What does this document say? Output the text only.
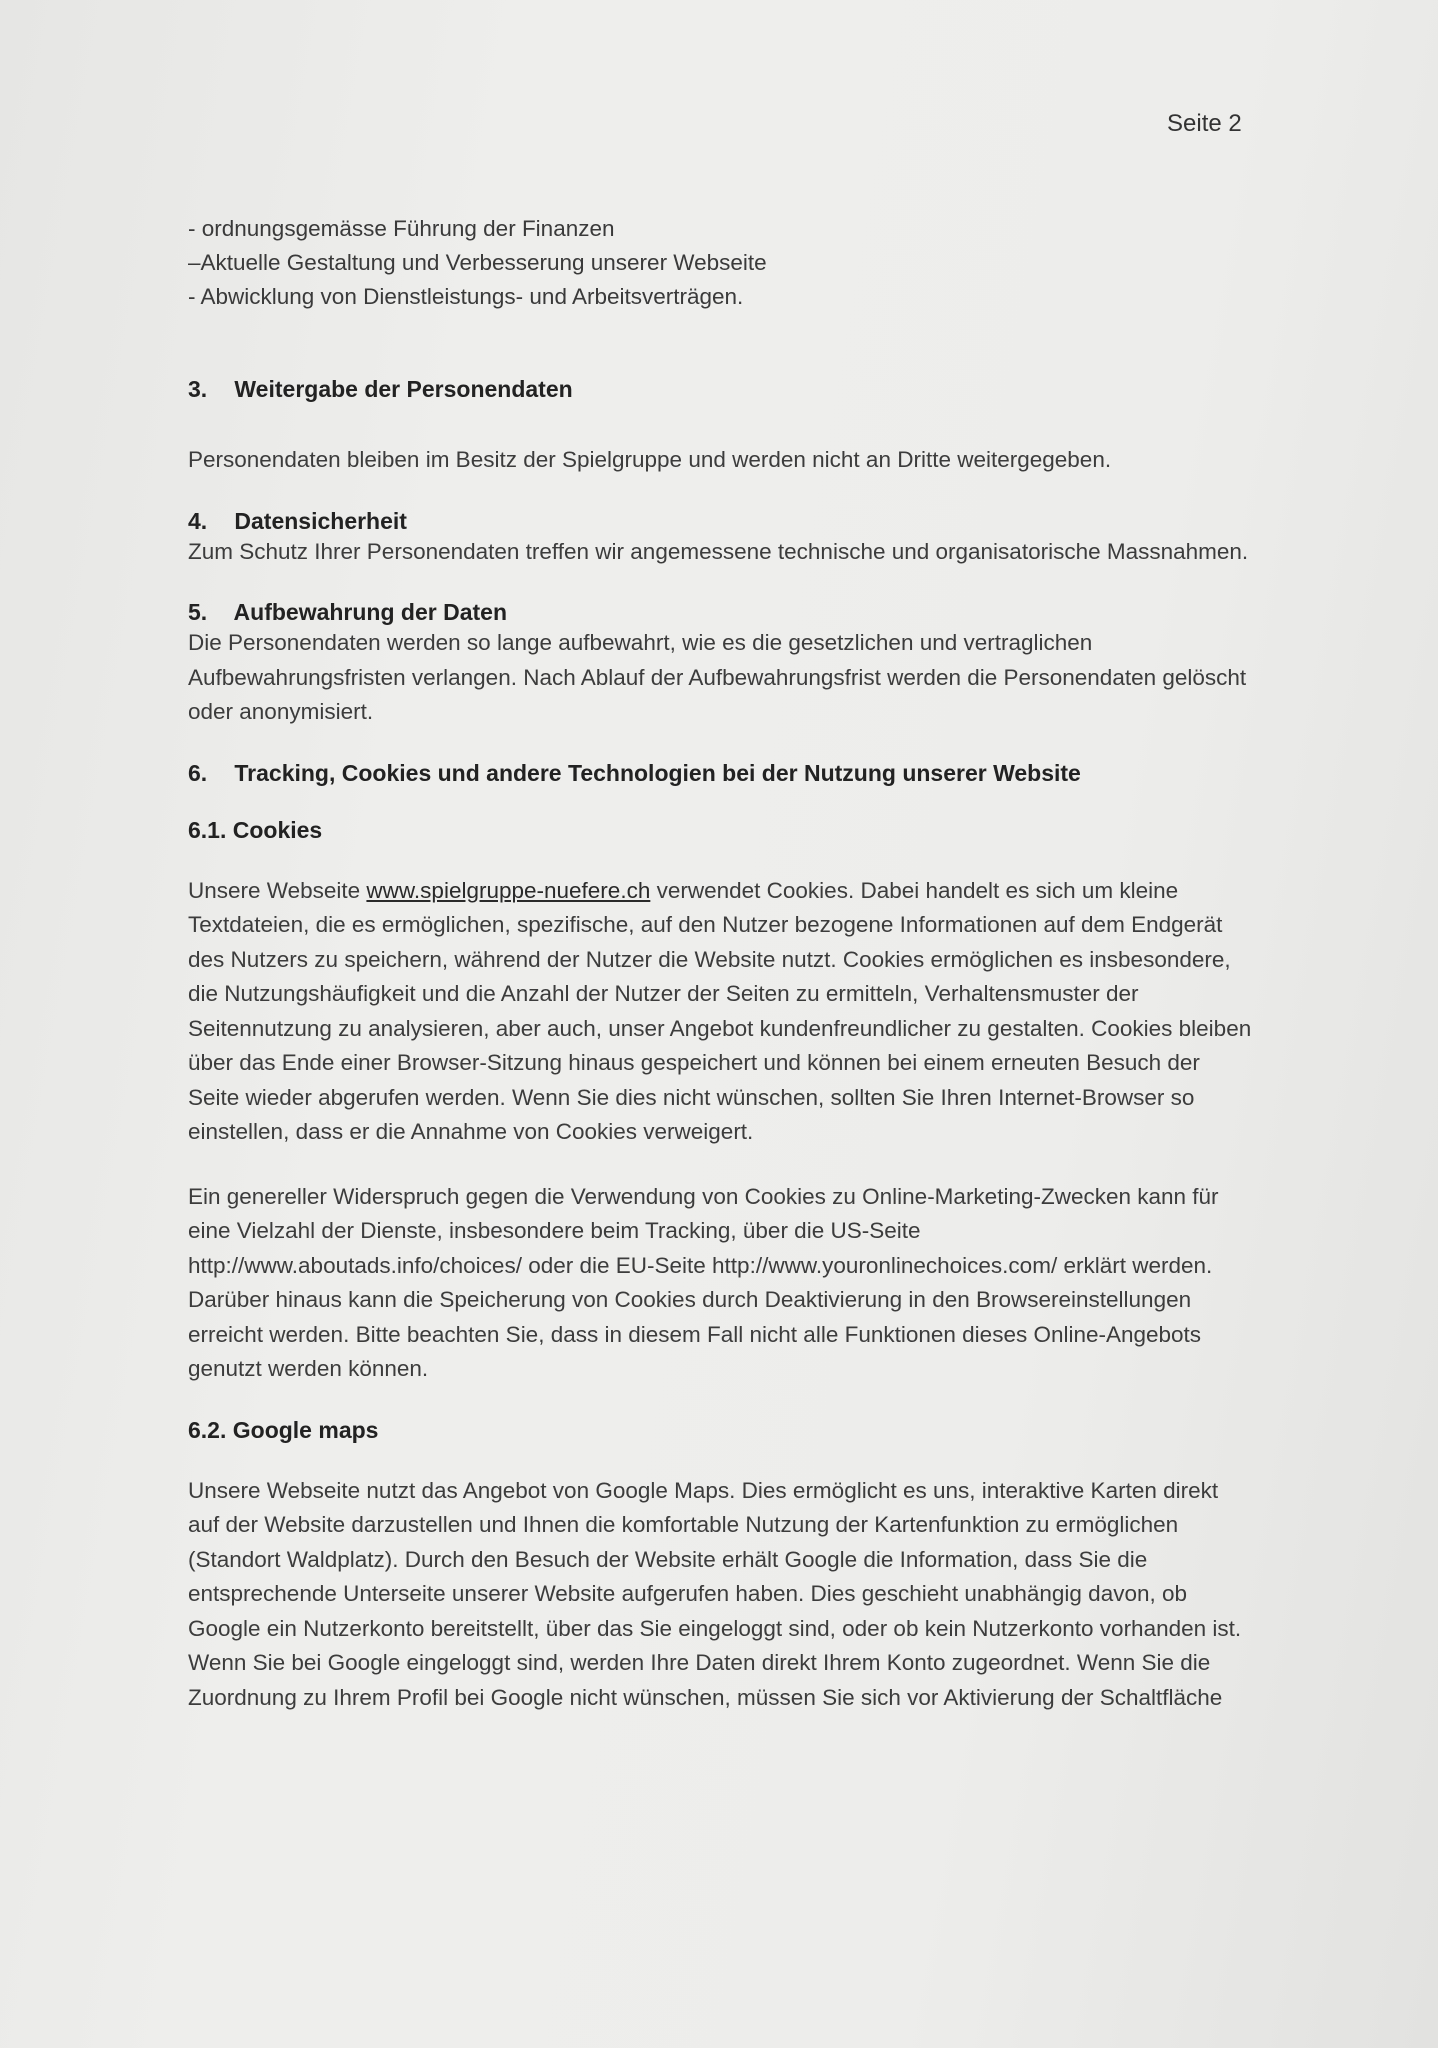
Seite 2

- ordnungsgemässe Führung der Finanzen

–Aktuelle Gestaltung und Verbesserung unserer Webseite

- Abwicklung von Dienstleistungs- und Arbeitsverträgen.

3. Weitergabe der Personendaten

Personendaten bleiben im Besitz der Spielgruppe und werden nicht an Dritte weitergegeben.

4. Datensicherheit

Zum Schutz Ihrer Personendaten treffen wir angemessene technische und organisatorische Massnahmen.

5. Aufbewahrung der Daten

Die Personendaten werden so lange aufbewahrt, wie es die gesetzlichen und vertraglichen Aufbewahrungsfristen verlangen. Nach Ablauf der Aufbewahrungsfrist werden die Personendaten gelöscht oder anonymisiert.

6. Tracking, Cookies und andere Technologien bei der Nutzung unserer Website
6.1. Cookies

Unsere Webseite www.spielgruppe-nuefere.ch verwendet Cookies. Dabei handelt es sich um kleine Textdateien, die es ermöglichen, spezifische, auf den Nutzer bezogene Informationen auf dem Endgerät des Nutzers zu speichern, während der Nutzer die Website nutzt. Cookies ermöglichen es insbesondere, die Nutzungshäufigkeit und die Anzahl der Nutzer der Seiten zu ermitteln, Verhaltensmuster der Seitennutzung zu analysieren, aber auch, unser Angebot kundenfreundlicher zu gestalten. Cookies bleiben über das Ende einer Browser-Sitzung hinaus gespeichert und können bei einem erneuten Besuch der Seite wieder abgerufen werden. Wenn Sie dies nicht wünschen, sollten Sie Ihren Internet-Browser so einstellen, dass er die Annahme von Cookies verweigert.

Ein genereller Widerspruch gegen die Verwendung von Cookies zu Online-Marketing-Zwecken kann für eine Vielzahl der Dienste, insbesondere beim Tracking, über die US-Seite http://www.aboutads.info/choices/ oder die EU-Seite http://www.youronlinechoices.com/ erklärt werden. Darüber hinaus kann die Speicherung von Cookies durch Deaktivierung in den Browsereinstellungen erreicht werden. Bitte beachten Sie, dass in diesem Fall nicht alle Funktionen dieses Online-Angebots genutzt werden können.

6.2. Google maps

Unsere Webseite nutzt das Angebot von Google Maps. Dies ermöglicht es uns, interaktive Karten direkt auf der Website darzustellen und Ihnen die komfortable Nutzung der Kartenfunktion zu ermöglichen (Standort Waldplatz). Durch den Besuch der Website erhält Google die Information, dass Sie die entsprechende Unterseite unserer Website aufgerufen haben. Dies geschieht unabhängig davon, ob Google ein Nutzerkonto bereitstellt, über das Sie eingeloggt sind, oder ob kein Nutzerkonto vorhanden ist. Wenn Sie bei Google eingeloggt sind, werden Ihre Daten direkt Ihrem Konto zugeordnet. Wenn Sie die Zuordnung zu Ihrem Profil bei Google nicht wünschen, müssen Sie sich vor Aktivierung der Schaltfläche
